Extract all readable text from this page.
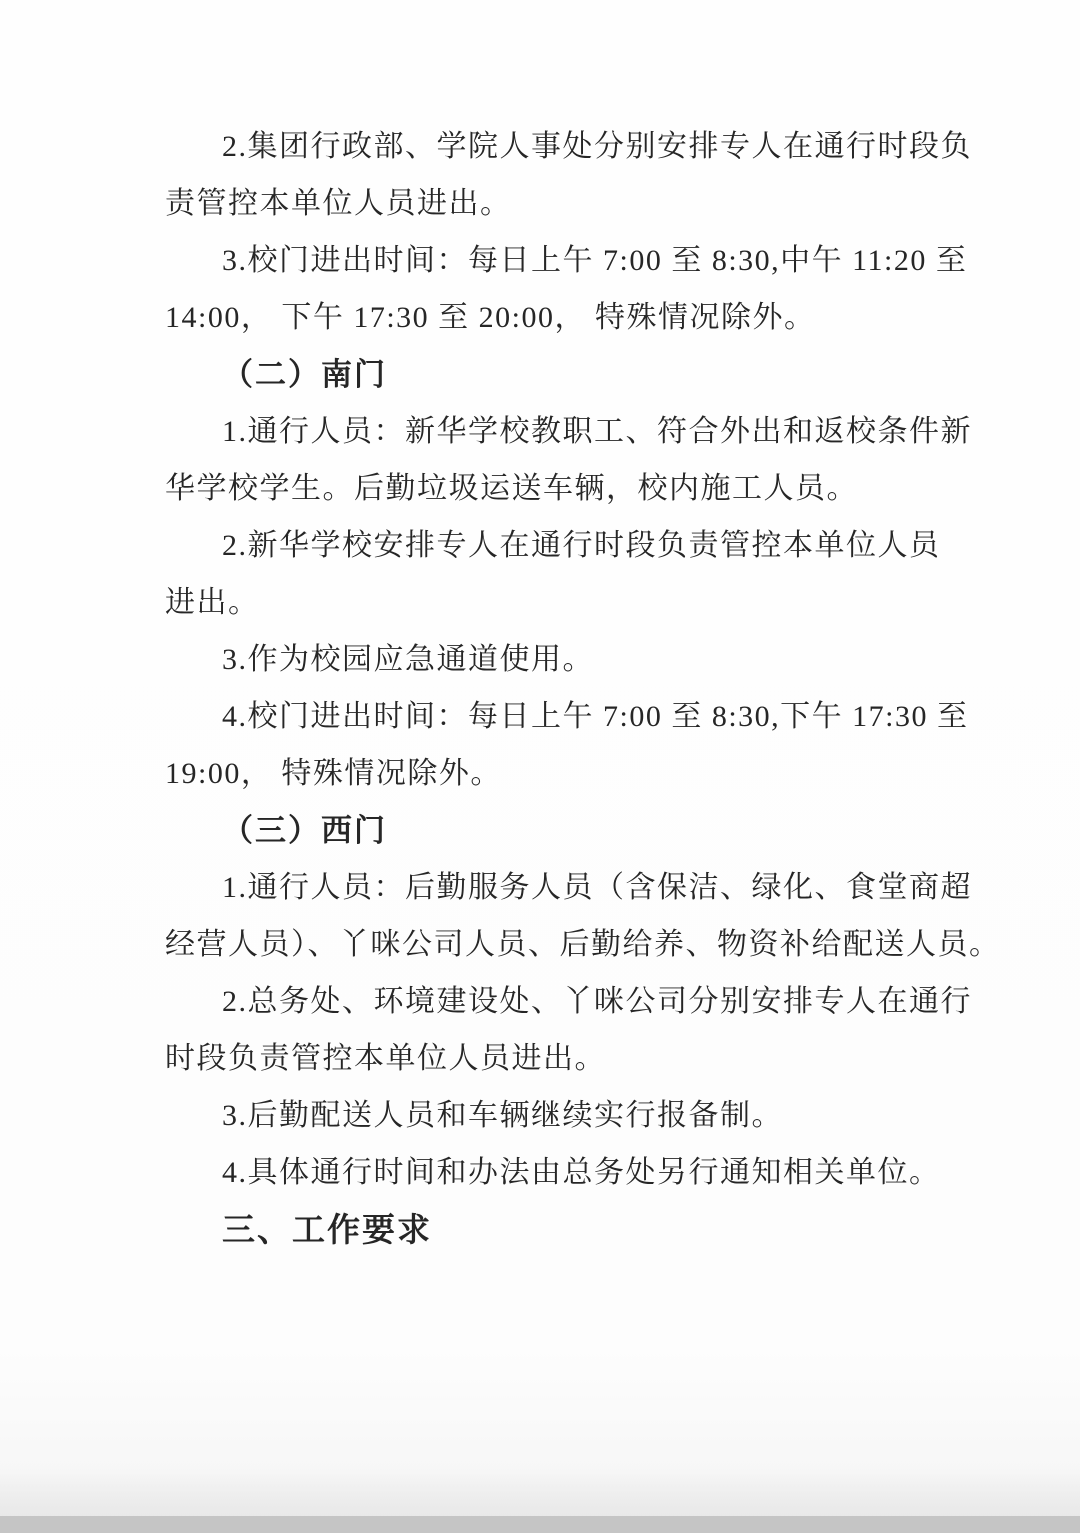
2.集团行政部、学院人事处分别安排专人在通行时段负
责管控本单位人员进出。
3.校门进出时间：每日上午 7:00 至 8:30,中午 11:20 至
14:00， 下午 17:30 至 20:00， 特殊情况除外。
（二）南门
1.通行人员：新华学校教职工、符合外出和返校条件新
华学校学生。后勤垃圾运送车辆，校内施工人员。
2.新华学校安排专人在通行时段负责管控本单位人员
进出。
3.作为校园应急通道使用。
4.校门进出时间：每日上午 7:00 至 8:30,下午 17:30 至
19:00， 特殊情况除外。
（三）西门
1.通行人员：后勤服务人员（含保洁、绿化、食堂商超
经营人员）、丫咪公司人员、后勤给养、物资补给配送人员。
2.总务处、环境建设处、丫咪公司分别安排专人在通行
时段负责管控本单位人员进出。
3.后勤配送人员和车辆继续实行报备制。
4.具体通行时间和办法由总务处另行通知相关单位。
三、工作要求
